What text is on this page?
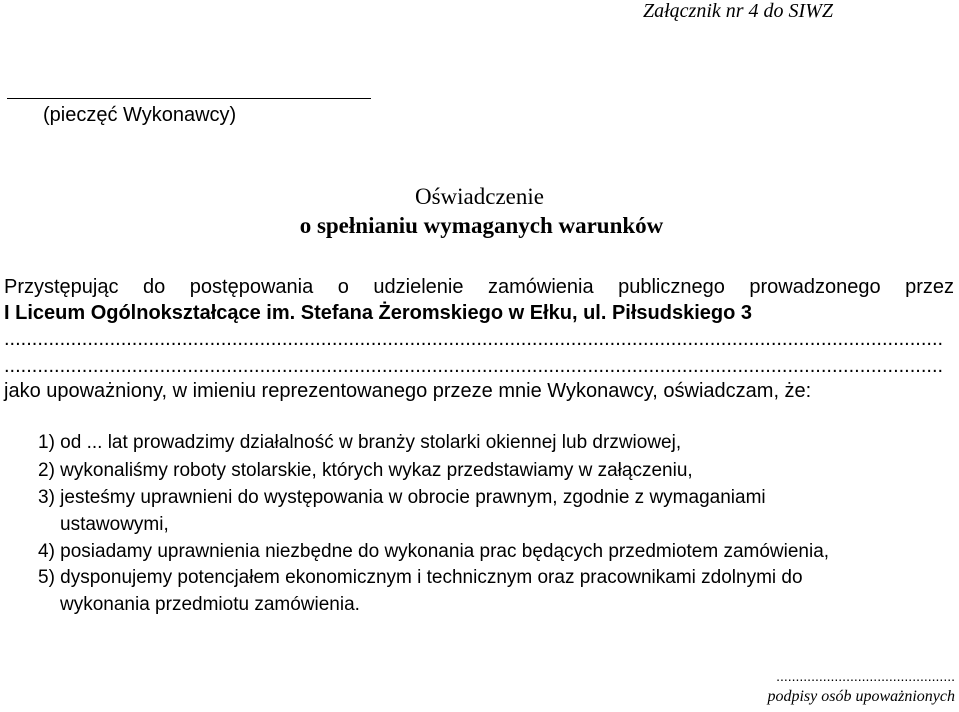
Załącznik nr 4 do SIWZ
(pieczęć Wykonawcy)
Oświadczenie
o spełnianiu wymaganych warunków
Przystępując do postępowania o udzielenie zamówienia publicznego prowadzonego przez
I Liceum Ogólnokształcące im. Stefana Żeromskiego w Ełku, ul. Piłsudskiego 3
.........................................................................................................................................................................
.........................................................................................................................................................................
jako upoważniony, w imieniu reprezentowanego przeze mnie Wykonawcy, oświadczam, że:
1) od ... lat prowadzimy działalność w branży stolarki okiennej lub drzwiowej,
2) wykonaliśmy roboty stolarskie, których wykaz przedstawiamy w załączeniu,
3) jesteśmy uprawnieni do występowania w obrocie prawnym, zgodnie z wymaganiami
ustawowymi,
4) posiadamy uprawnienia niezbędne do wykonania prac będących przedmiotem zamówienia,
5) dysponujemy potencjałem ekonomicznym i technicznym oraz pracownikami zdolnymi do
wykonania przedmiotu zamówienia.
..............................................
podpisy osób upoważnionych
